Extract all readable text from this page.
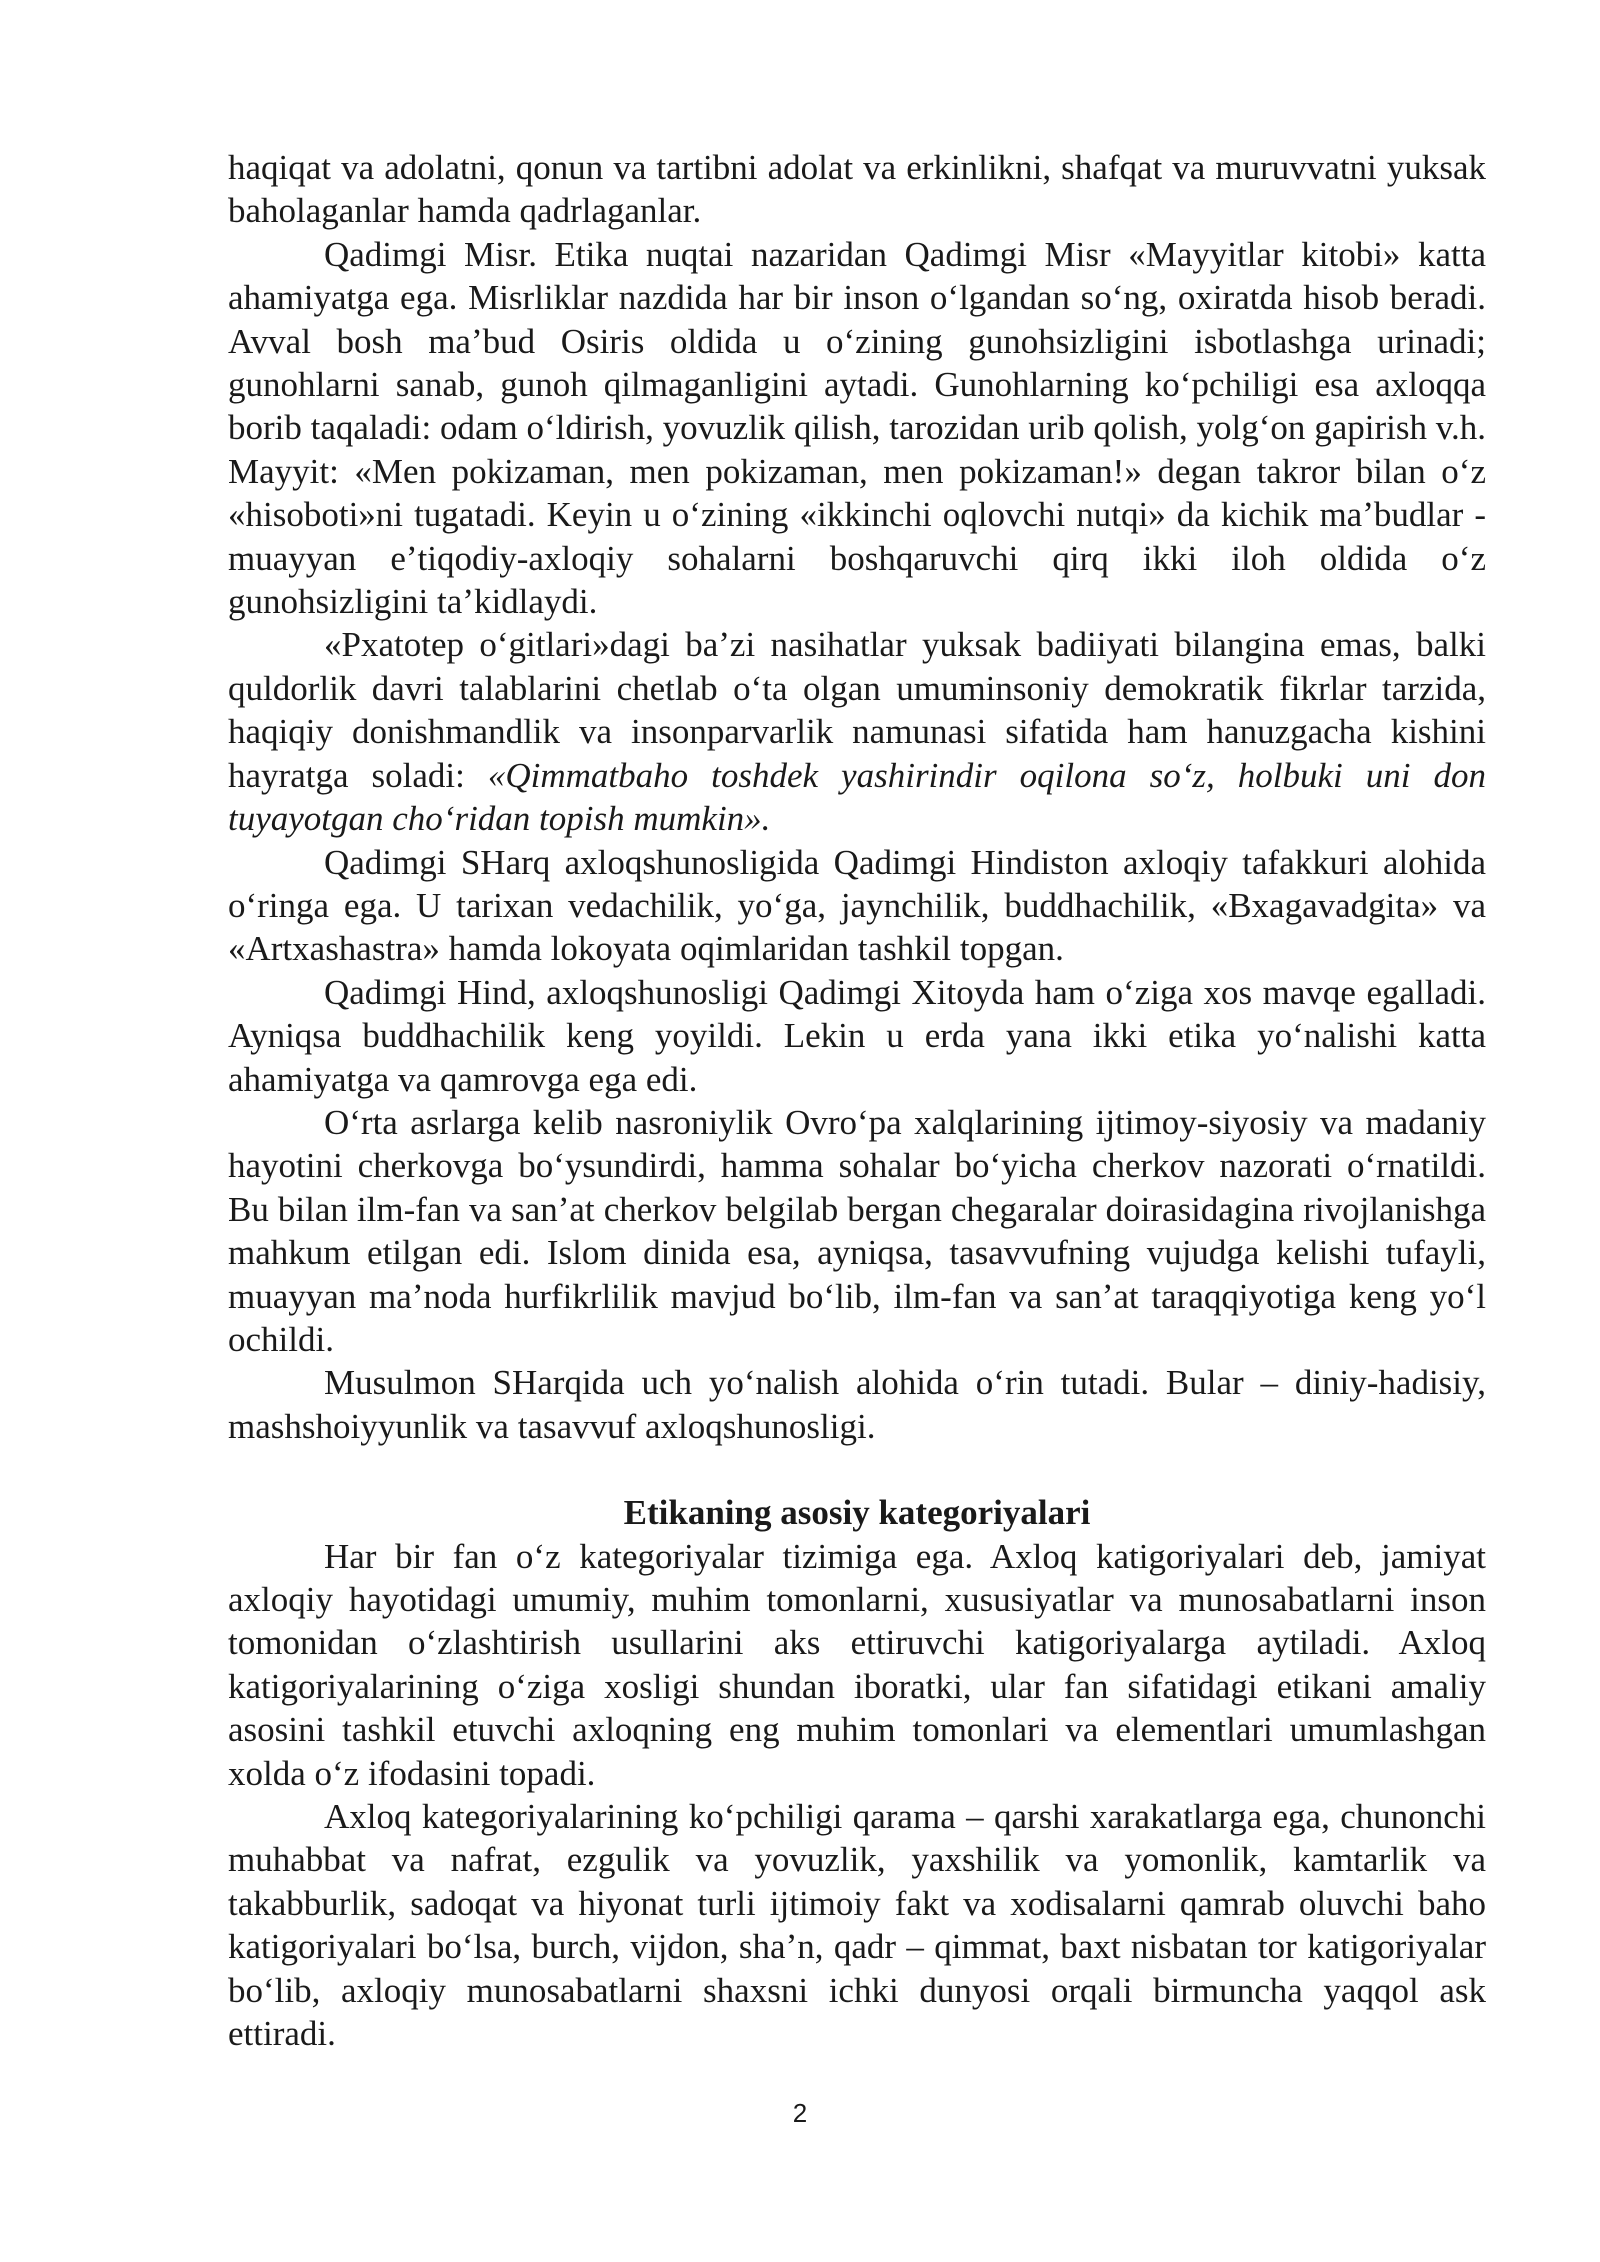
haqiqat va adolatni, qonun va tartibni adolat va erkinlikni, shafqat va muruvvatni yuksak baholaganlar hamda qadrlaganlar.

Qadimgi Misr. Etika nuqtai nazaridan Qadimgi Misr «Mayyitlar kitobi» katta ahamiyatga ega. Misrliklar nazdida har bir inson oʻlgandan soʻng, oxiratda hisob beradi. Avval bosh maʼbud Osiris oldida u oʻzining gunohsizligini isbotlashga urinadi; gunohlarni sanab, gunoh qilmaganligini aytadi. Gunohlarning koʻpchiligi esa axloqqa borib taqaladi: odam oʻldirish, yovuzlik qilish, tarozidan urib qolish, yolgʻon gapirish v.h. Mayyit: «Men pokizaman, men pokizaman, men pokizaman!» degan takror bilan oʻz «hisoboti»ni tugatadi. Keyin u oʻzining «ikkinchi oqlovchi nutqi» da kichik maʼbudlar - muayyan eʼtiqodiy-axloqiy sohalarni boshqaruvchi qirq ikki iloh oldida oʻz gunohsizligini taʼkidlaydi.

«Pxatotep oʻgitlari»dagi baʼzi nasihatlar yuksak badiiyati bilangina emas, balki quldorlik davri talablarini chetlab oʻta olgan umuminsoniy demokratik fikrlar tarzida, haqiqiy donishmandlik va insonparvarlik namunasi sifatida ham hanuzgacha kishini hayratga soladi: «Qimmatbaho toshdek yashirindir oqilona soʻz, holbuki uni don tuyayotgan choʻridan topish mumkin».

Qadimgi SHarq axloqshunosligida Qadimgi Hindiston axloqiy tafakkuri alohida oʻringa ega. U tarixan vedachilik, yoʻga, jaynchilik, buddhachilik, «Bxagavadgita» va «Artxashastra» hamda lokoyata oqimlaridan tashkil topgan.

Qadimgi Hind, axloqshunosligi Qadimgi Xitoyda ham oʻziga xos mavqe egalladi. Ayniqsa buddhachilik keng yoyildi. Lekin u erda yana ikki etika yoʻnalishi katta ahamiyatga va qamrovga ega edi.

Oʻrta asrlarga kelib nasroniylik Ovroʻpa xalqlarining ijtimoy-siyosiy va madaniy hayotini cherkovga boʻysundirdi, hamma sohalar boʻyicha cherkov nazorati oʻrnatildi. Bu bilan ilm-fan va sanʼat cherkov belgilab bergan chegaralar doirasidagina rivojlanishga mahkum etilgan edi. Islom dinida esa, ayniqsa, tasavvufning vujudga kelishi tufayli, muayyan maʼnoda hurfikrlilik mavjud boʻlib, ilm-fan va sanʼat taraqqiyotiga keng yoʻl ochildi.

Musulmon SHarqida uch yoʻnalish alohida oʻrin tutadi. Bular – diniy-hadisiy, mashshoiyyunlik va tasavvuf axloqshunosligi.

Etikaning asosiy kategoriyalari

Har bir fan oʻz kategoriyalar tizimiga ega. Axloq katigoriyalari deb, jamiyat axloqiy hayotidagi umumiy, muhim tomonlarni, xususiyatlar va munosabatlarni inson tomonidan oʻzlashtirish usullarini aks ettiruvchi katigoriyalarga aytiladi. Axloq katigoriyalarining oʻziga xosligi shundan iboratki, ular fan sifatidagi etikani amaliy asosini tashkil etuvchi axloqning eng muhim tomonlari va elementlari umumlashgan xolda oʻz ifodasini topadi.

Axloq kategoriyalarining koʻpchiligi qarama – qarshi xarakatlarga ega, chunonchi muhabbat va nafrat, ezgulik va yovuzlik, yaxshilik va yomonlik, kamtarlik va takabburlik, sadoqat va hiyonat turli ijtimoiy fakt va xodisalarni qamrab oluvchi baho katigoriyalari boʻlsa, burch, vijdon, shaʼn, qadr – qimmat, baxt nisbatan tor katigoriyalar boʻlib, axloqiy munosabatlarni shaxsni ichki dunyosi orqali birmuncha yaqqol ask ettiradi.

2
